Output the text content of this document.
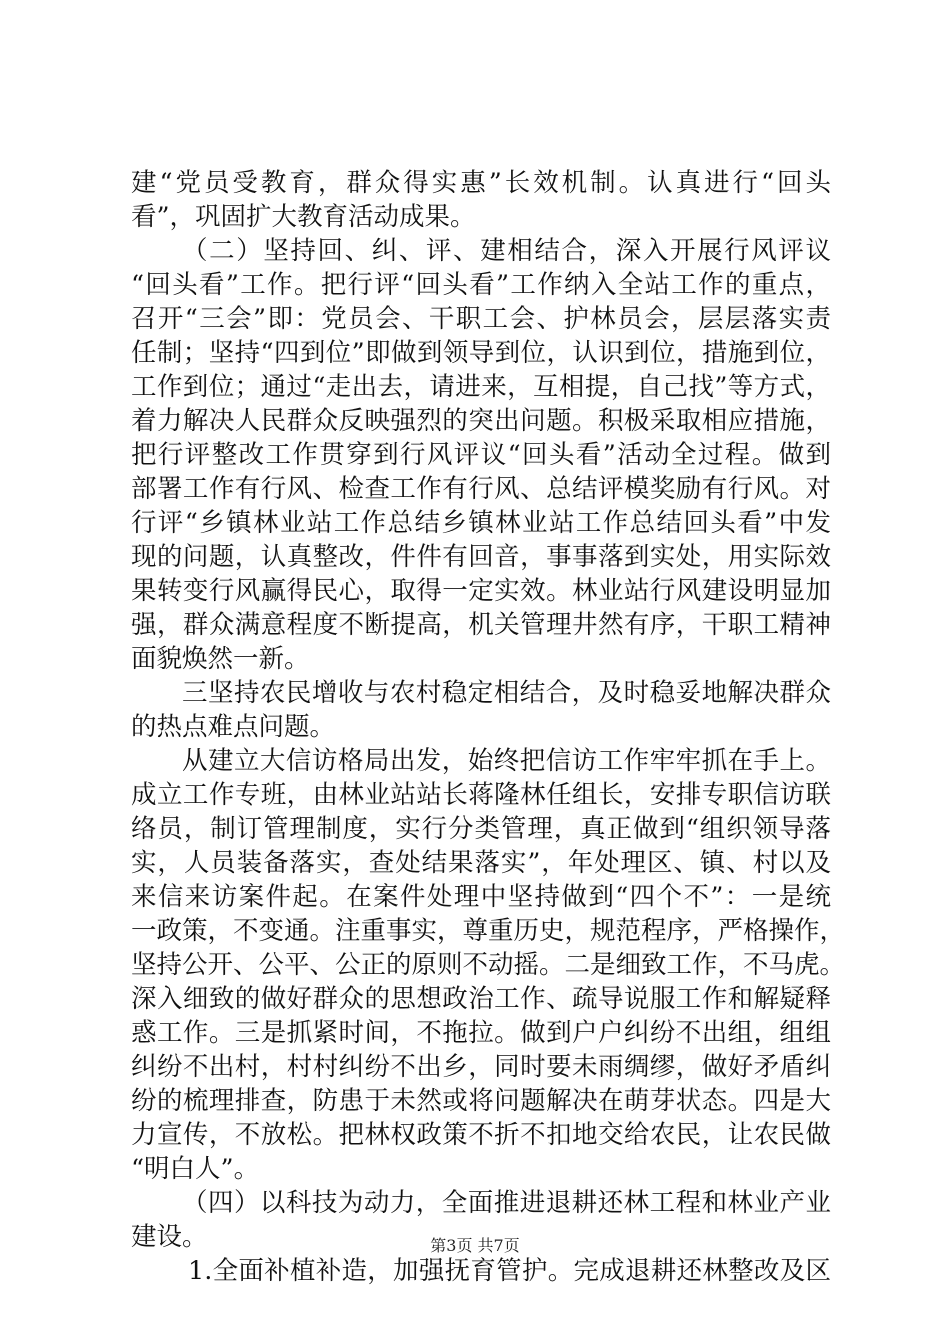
建“党员受教育，群众得实惠”长效机制。认真进行“回头
看”，巩固扩大教育活动成果。
（二）坚持回、纠、评、建相结合，深入开展行风评议
“回头看”工作。把行评“回头看”工作纳入全站工作的重点，
召开“三会”即：党员会、干职工会、护林员会，层层落实责
任制；坚持“四到位”即做到领导到位，认识到位，措施到位，
工作到位；通过“走出去，请进来，互相提，自己找”等方式，
着力解决人民群众反映强烈的突出问题。积极采取相应措施，
把行评整改工作贯穿到行风评议“回头看”活动全过程。做到
部署工作有行风、检查工作有行风、总结评模奖励有行风。对
行评“乡镇林业站工作总结乡镇林业站工作总结回头看”中发
现的问题，认真整改，件件有回音，事事落到实处，用实际效
果转变行风赢得民心，取得一定实效。林业站行风建设明显加
强，群众满意程度不断提高，机关管理井然有序，干职工精神
面貌焕然一新。
三坚持农民增收与农村稳定相结合，及时稳妥地解决群众
的热点难点问题。
从建立大信访格局出发，始终把信访工作牢牢抓在手上。
成立工作专班，由林业站站长蒋隆林任组长，安排专职信访联
络员，制订管理制度，实行分类管理，真正做到“组织领导落
实，人员装备落实，查处结果落实”，年处理区、镇、村以及
来信来访案件起。在案件处理中坚持做到“四个不”：一是统
一政策，不变通。注重事实，尊重历史，规范程序，严格操作，
坚持公开、公平、公正的原则不动摇。二是细致工作，不马虎。
深入细致的做好群众的思想政治工作、疏导说服工作和解疑释
惑工作。三是抓紧时间，不拖拉。做到户户纠纷不出组，组组
纠纷不出村，村村纠纷不出乡，同时要未雨绸缪，做好矛盾纠
纷的梳理排查，防患于未然或将问题解决在萌芽状态。四是大
力宣传，不放松。把林权政策不折不扣地交给农民，让农民做
“明白人”。
（四）以科技为动力，全面推进退耕还林工程和林业产业
建设。
1.全面补植补造，加强抚育管护。完成退耕还林整改及区
第3页 共7页
